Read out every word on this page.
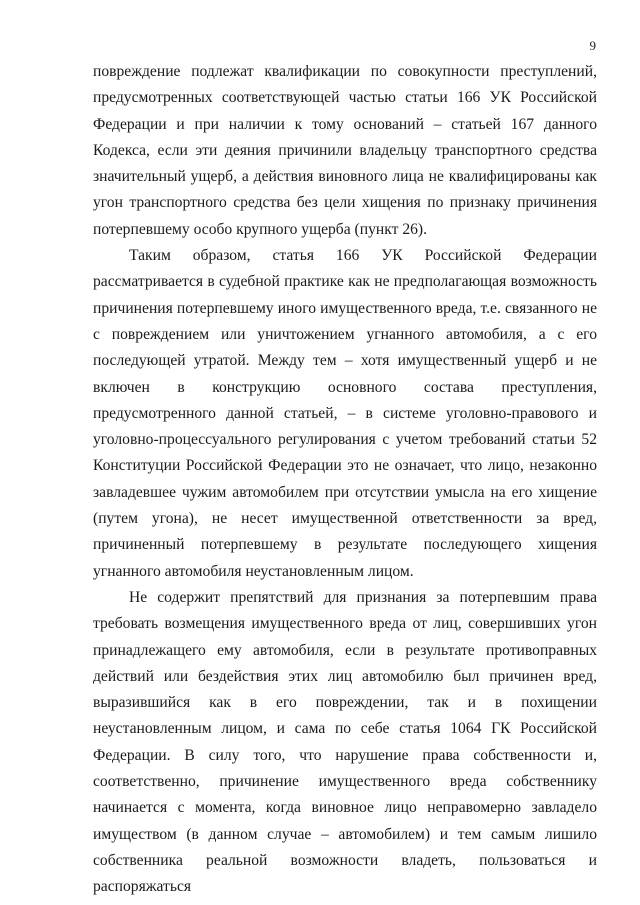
9

повреждение подлежат квалификации по совокупности преступлений, предусмотренных соответствующей частью статьи 166 УК Российской Федерации и при наличии к тому оснований – статьей 167 данного Кодекса, если эти деяния причинили владельцу транспортного средства значительный ущерб, а действия виновного лица не квалифицированы как угон транспортного средства без цели хищения по признаку причинения потерпевшему особо крупного ущерба (пункт 26).

Таким образом, статья 166 УК Российской Федерации рассматривается в судебной практике как не предполагающая возможность причинения потерпевшему иного имущественного вреда, т.е. связанного не с повреждением или уничтожением угнанного автомобиля, а с его последующей утратой. Между тем – хотя имущественный ущерб и не включен в конструкцию основного состава преступления, предусмотренного данной статьей, – в системе уголовно-правового и уголовно-процессуального регулирования с учетом требований статьи 52 Конституции Российской Федерации это не означает, что лицо, незаконно завладевшее чужим автомобилем при отсутствии умысла на его хищение (путем угона), не несет имущественной ответственности за вред, причиненный потерпевшему в результате последующего хищения угнанного автомобиля неустановленным лицом.

Не содержит препятствий для признания за потерпевшим права требовать возмещения имущественного вреда от лиц, совершивших угон принадлежащего ему автомобиля, если в результате противоправных действий или бездействия этих лиц автомобилю был причинен вред, выразившийся как в его повреждении, так и в похищении неустановленным лицом, и сама по себе статья 1064 ГК Российской Федерации. В силу того, что нарушение права собственности и, соответственно, причинение имущественного вреда собственнику начинается с момента, когда виновное лицо неправомерно завладело имуществом (в данном случае – автомобилем) и тем самым лишило собственника реальной возможности владеть, пользоваться и распоряжаться
